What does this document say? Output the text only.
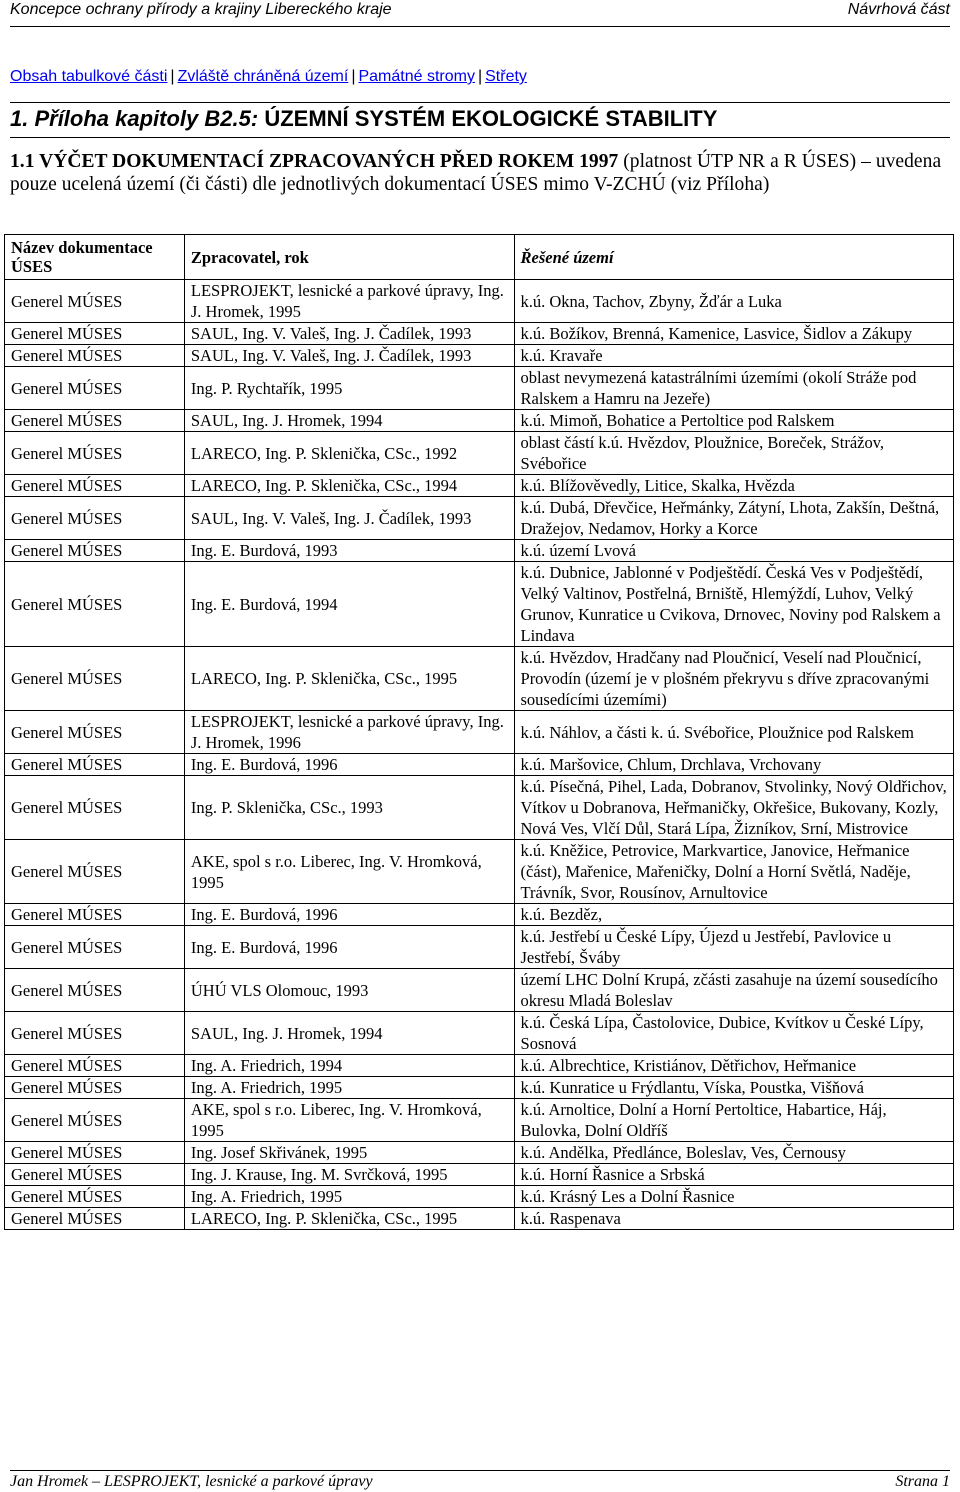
Koncepce ochrany přírody a krajiny Libereckého kraje	Návrhová část
Obsah tabulkové části | Zvláště chráněná území | Památné stromy | Střety
1. Příloha kapitoly B2.5: ÚZEMNÍ SYSTÉM EKOLOGICKÉ STABILITY
1.1 VÝČET DOKUMENTACÍ ZPRACOVANÝCH PŘED ROKEM 1997 (platnost ÚTP NR a R ÚSES) – uvedena pouze ucelená území (či části) dle jednotlivých dokumentací ÚSES mimo V-ZCHÚ (viz Příloha)
Název dokumentace ÚSES	Zpracovatel, rok	Řešené území
Generel MÚSES	LESPROJEKT, lesnické a parkové úpravy, Ing. J. Hromek, 1995	k.ú. Okna, Tachov, Zbyny, Žďár a Luka
Generel MÚSES	SAUL, Ing. V. Valeš, Ing. J. Čadílek, 1993	k.ú. Božíkov, Brenná, Kamenice, Lasvice, Šidlov a Zákupy
Generel MÚSES	SAUL, Ing. V. Valeš, Ing. J. Čadílek, 1993	k.ú. Kravaře
Generel MÚSES	Ing. P. Rychtařík, 1995	oblast nevymezená katastrálními územími (okolí Stráže pod Ralskem a Hamru na Jezeře)
Generel MÚSES	SAUL, Ing. J. Hromek, 1994	k.ú. Mimoň, Bohatice a Pertoltice pod Ralskem
Generel MÚSES	LARECO, Ing. P. Sklenička, CSc., 1992	oblast částí k.ú. Hvězdov, Ploužnice, Boreček, Strážov, Svébořice
Generel MÚSES	LARECO, Ing. P. Sklenička, CSc., 1994	k.ú. Blížověvedly, Litice, Skalka, Hvězda
Generel MÚSES	SAUL, Ing. V. Valeš, Ing. J. Čadílek, 1993	k.ú. Dubá, Dřevčice, Heřmánky, Zátyní, Lhota, Zakšín, Deštná, Dražejov, Nedamov, Horky a Korce
Generel MÚSES	Ing. E. Burdová, 1993	k.ú. území Lvová
Generel MÚSES	Ing. E. Burdová, 1994	k.ú. Dubnice, Jablonné v Podještědí. Česká Ves v Podještědí, Velký Valtinov, Postřelná, Brniště, Hlemýždí, Luhov, Velký Grunov, Kunratice u Cvikova, Drnovec, Noviny pod Ralskem a Lindava
Generel MÚSES	LARECO, Ing. P. Sklenička, CSc., 1995	k.ú. Hvězdov, Hradčany nad Ploučnicí, Veselí nad Ploučnicí, Provodín (území je v plošném překryvu s dříve zpracovanými sousedícími územími)
Generel MÚSES	LESPROJEKT, lesnické a parkové úpravy, Ing. J. Hromek, 1996	k.ú. Náhlov, a části k. ú. Svébořice, Ploužnice pod Ralskem
Generel MÚSES	Ing. E. Burdová, 1996	k.ú. Maršovice, Chlum, Drchlava, Vrchovany
Generel MÚSES	Ing. P. Sklenička, CSc., 1993	k.ú. Písečná, Pihel, Lada, Dobranov, Stvolinky, Nový Oldřichov, Vítkov u Dobranova, Heřmaničky, Okřešice, Bukovany, Kozly, Nová Ves, Vlčí Důl, Stará Lípa, Žizníkov, Srní, Mistrovice
Generel MÚSES	AKE, spol s r.o. Liberec, Ing. V. Hromková, 1995	k.ú. Kněžice, Petrovice, Markvartice, Janovice, Heřmanice (část), Mařenice, Mařeničky, Dolní a Horní Světlá, Naděje, Trávník, Svor, Rousínov, Arnultovice
Generel MÚSES	Ing. E. Burdová, 1996	k.ú. Bezděz,
Generel MÚSES	Ing. E. Burdová, 1996	k.ú. Jestřebí u České Lípy, Újezd u Jestřebí, Pavlovice u Jestřebí, Šváby
Generel MÚSES	ÚHÚ VLS Olomouc, 1993	území LHC Dolní Krupá, zčásti zasahuje na území sousedícího okresu Mladá Boleslav
Generel MÚSES	SAUL, Ing. J. Hromek, 1994	k.ú. Česká Lípa, Častolovice, Dubice, Kvítkov u České Lípy, Sosnová
Generel MÚSES	Ing. A. Friedrich, 1994	k.ú. Albrechtice, Kristiánov, Dětřichov, Heřmanice
Generel MÚSES	Ing. A. Friedrich, 1995	k.ú. Kunratice u Frýdlantu, Víska, Poustka, Višňová
Generel MÚSES	AKE, spol s r.o. Liberec, Ing. V. Hromková, 1995	k.ú. Arnoltice, Dolní a Horní Pertoltice, Habartice, Háj, Bulovka, Dolní Oldříš
Generel MÚSES	Ing. Josef Skřivánek, 1995	k.ú. Andělka, Předlánce, Boleslav, Ves, Černousy
Generel MÚSES	Ing. J. Krause, Ing. M. Svrčková, 1995	k.ú. Horní Řasnice a Srbská
Generel MÚSES	Ing. A. Friedrich, 1995	k.ú. Krásný Les a Dolní Řasnice
Generel MÚSES	LARECO, Ing. P. Sklenička, CSc., 1995	k.ú. Raspenava
Jan Hromek – LESPROJEKT, lesnické a parkové úpravy	Strana 1
